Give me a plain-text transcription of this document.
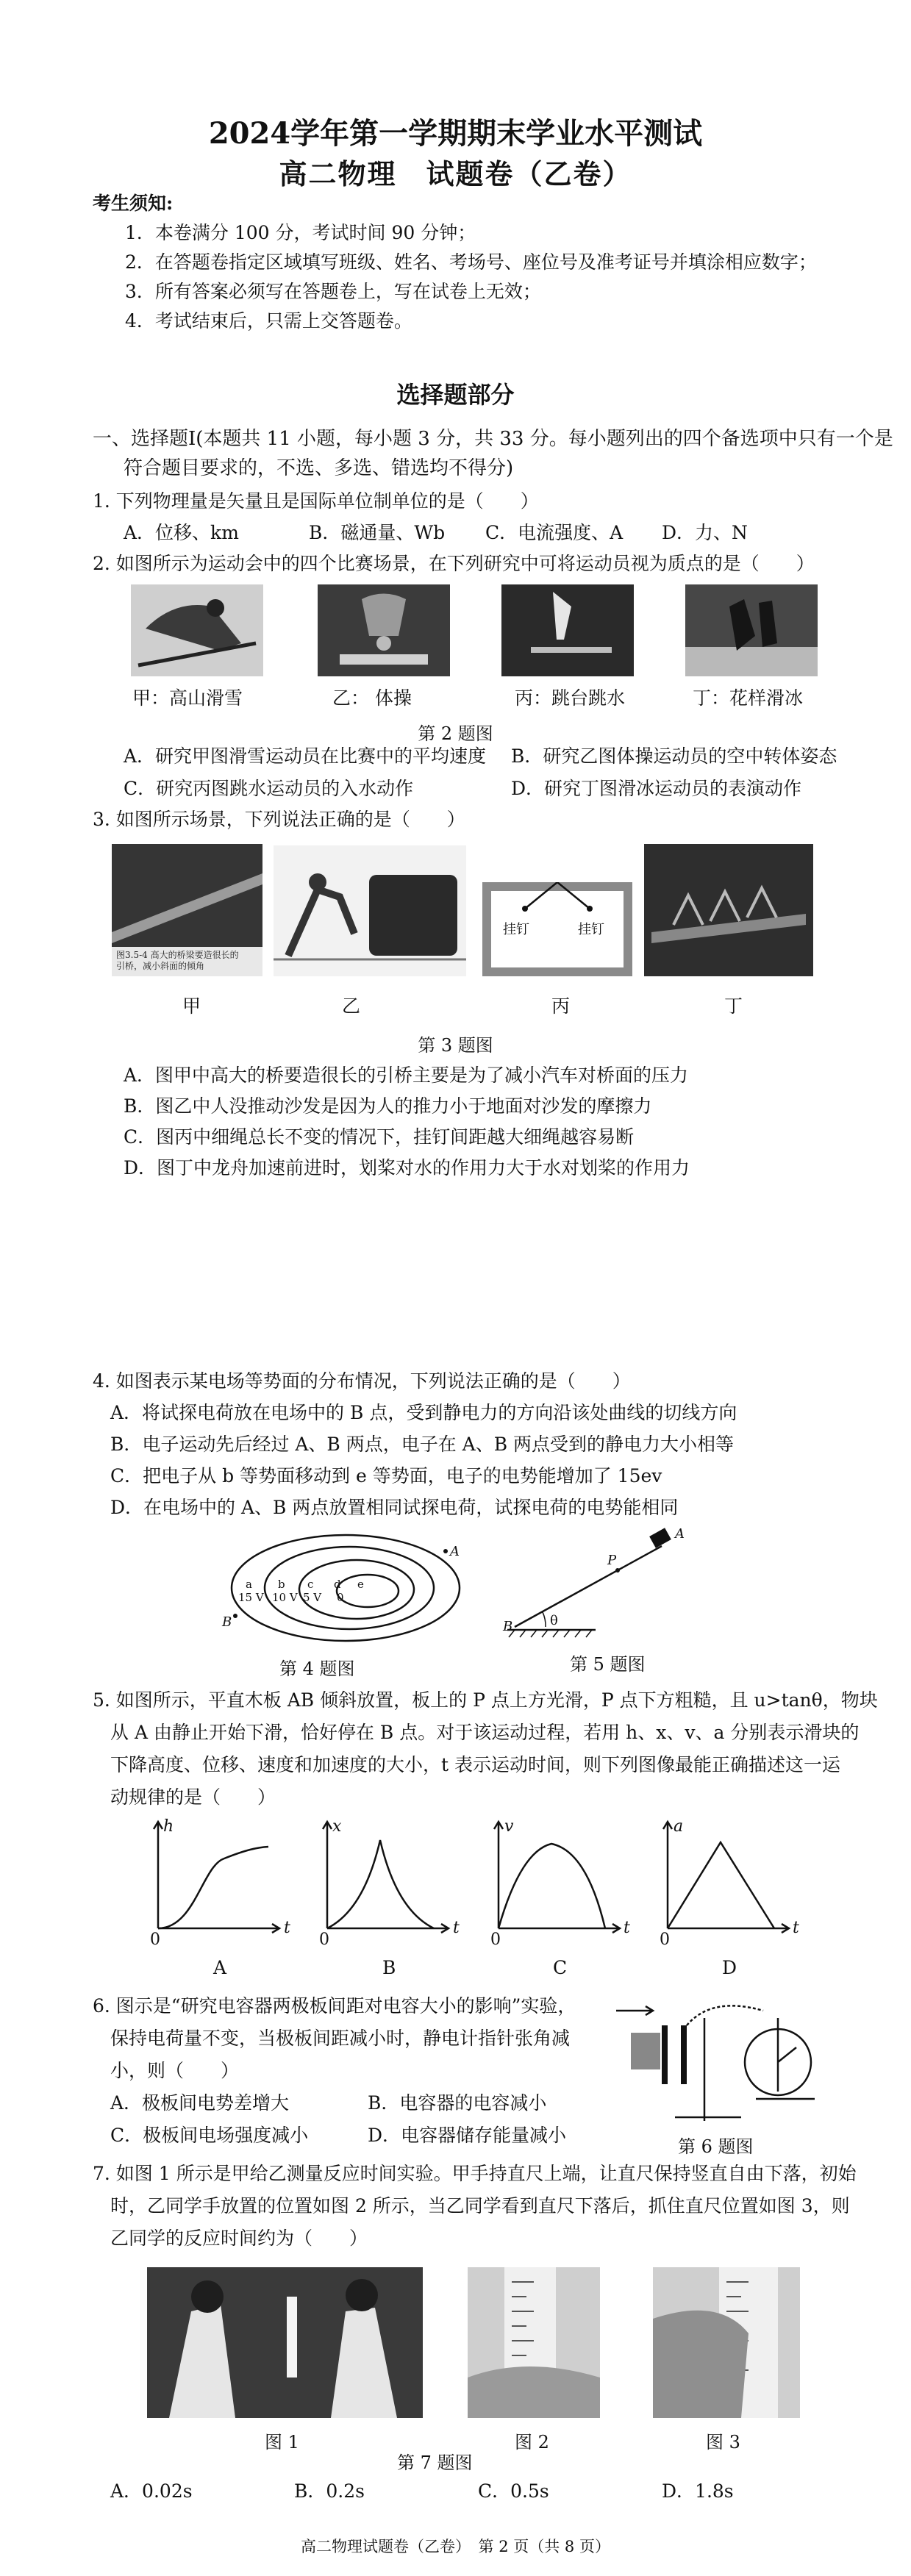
2024学年第一学期期末学业水平测试
高二物理　试题卷（乙卷）
考生须知:
1．本卷满分 100 分，考试时间 90 分钟；
2．在答题卷指定区域填写班级、姓名、考场号、座位号及准考证号并填涂相应数字；
3．所有答案必须写在答题卷上，写在试卷上无效；
4．考试结束后，只需上交答题卷。
选择题部分
一、选择题Ⅰ(本题共 11 小题，每小题 3 分，共 33 分。每小题列出的四个备选项中只有一个是
符合题目要求的，不选、多选、错选均不得分)
1. 下列物理量是矢量且是国际单位制单位的是（　　）
A．位移、km	B．磁通量、Wb C．电流强度、A D．力、N
2. 如图所示为运动会中的四个比赛场景，在下列研究中可将运动员视为质点的是（　　）
甲：高山滑雪	乙： 体操	丙：跳台跳水	丁：花样滑冰
第 2 题图
A．研究甲图滑雪运动员在比赛中的平均速度 B．研究乙图体操运动员的空中转体姿态
C．研究丙图跳水运动员的入水动作	D．研究丁图滑冰运动员的表演动作
3. 如图所示场景，下列说法正确的是（　　）
图3.5-4 高大的桥梁要造很长的
引桥，减小斜面的倾角
挂钉	挂钉
甲	乙	丙	丁
第 3 题图
A．图甲中高大的桥要造很长的引桥主要是为了减小汽车对桥面的压力
B．图乙中人没推动沙发是因为人的推力小于地面对沙发的摩擦力
C．图丙中细绳总长不变的情况下，挂钉间距越大细绳越容易断
D．图丁中龙舟加速前进时，划桨对水的作用力大于水对划桨的作用力
4. 如图表示某电场等势面的分布情况，下列说法正确的是（　　）
A．将试探电荷放在电场中的 B 点，受到静电力的方向沿该处曲线的切线方向
B．电子运动先后经过 A、B 两点，电子在 A、B 两点受到的静电力大小相等
C．把电子从 b 等势面移动到 e 等势面，电子的电势能增加了 15ev
D．在电场中的 A、B 两点放置相同试探电荷，试探电荷的电势能相同
A
B
a
15 V
b
10 V
c
5 V
d
0
e
第 4 题图
A
B
P
θ
第 5 题图
5. 如图所示，平直木板 AB 倾斜放置，板上的 P 点上方光滑，P 点下方粗糙，且 u>tanθ，物块
从 A 由静止开始下滑，恰好停在 B 点。对于该运动过程，若用 h、x、v、a 分别表示滑块的
下降高度、位移、速度和加速度的大小，t 表示运动时间，则下列图像最能正确描述这一运
动规律的是（　　）
h
t
0
A
x
t
0
B
v
t
0
C
a
t
0
D
6. 图示是“研究电容器两极板间距对电容大小的影响”实验，
保持电荷量不变，当极板间距减小时，静电计指针张角减
小，则（　　）
A．极板间电势差增大	B．电容器的电容减小
C．极板间电场强度减小	D．电容器储存能量减小
第 6 题图
7. 如图 1 所示是甲给乙测量反应时间实验。甲手持直尺上端，让直尺保持竖直自由下落，初始
时，乙同学手放置的位置如图 2 所示，当乙同学看到直尺下落后，抓住直尺位置如图 3，则
乙同学的反应时间约为（　　）
图 1	图 2	图 3
第 7 题图
A．0.02s	B．0.2s	C．0.5s	D．1.8s
高二物理试题卷（乙卷）　第 2 页（共 8 页）
